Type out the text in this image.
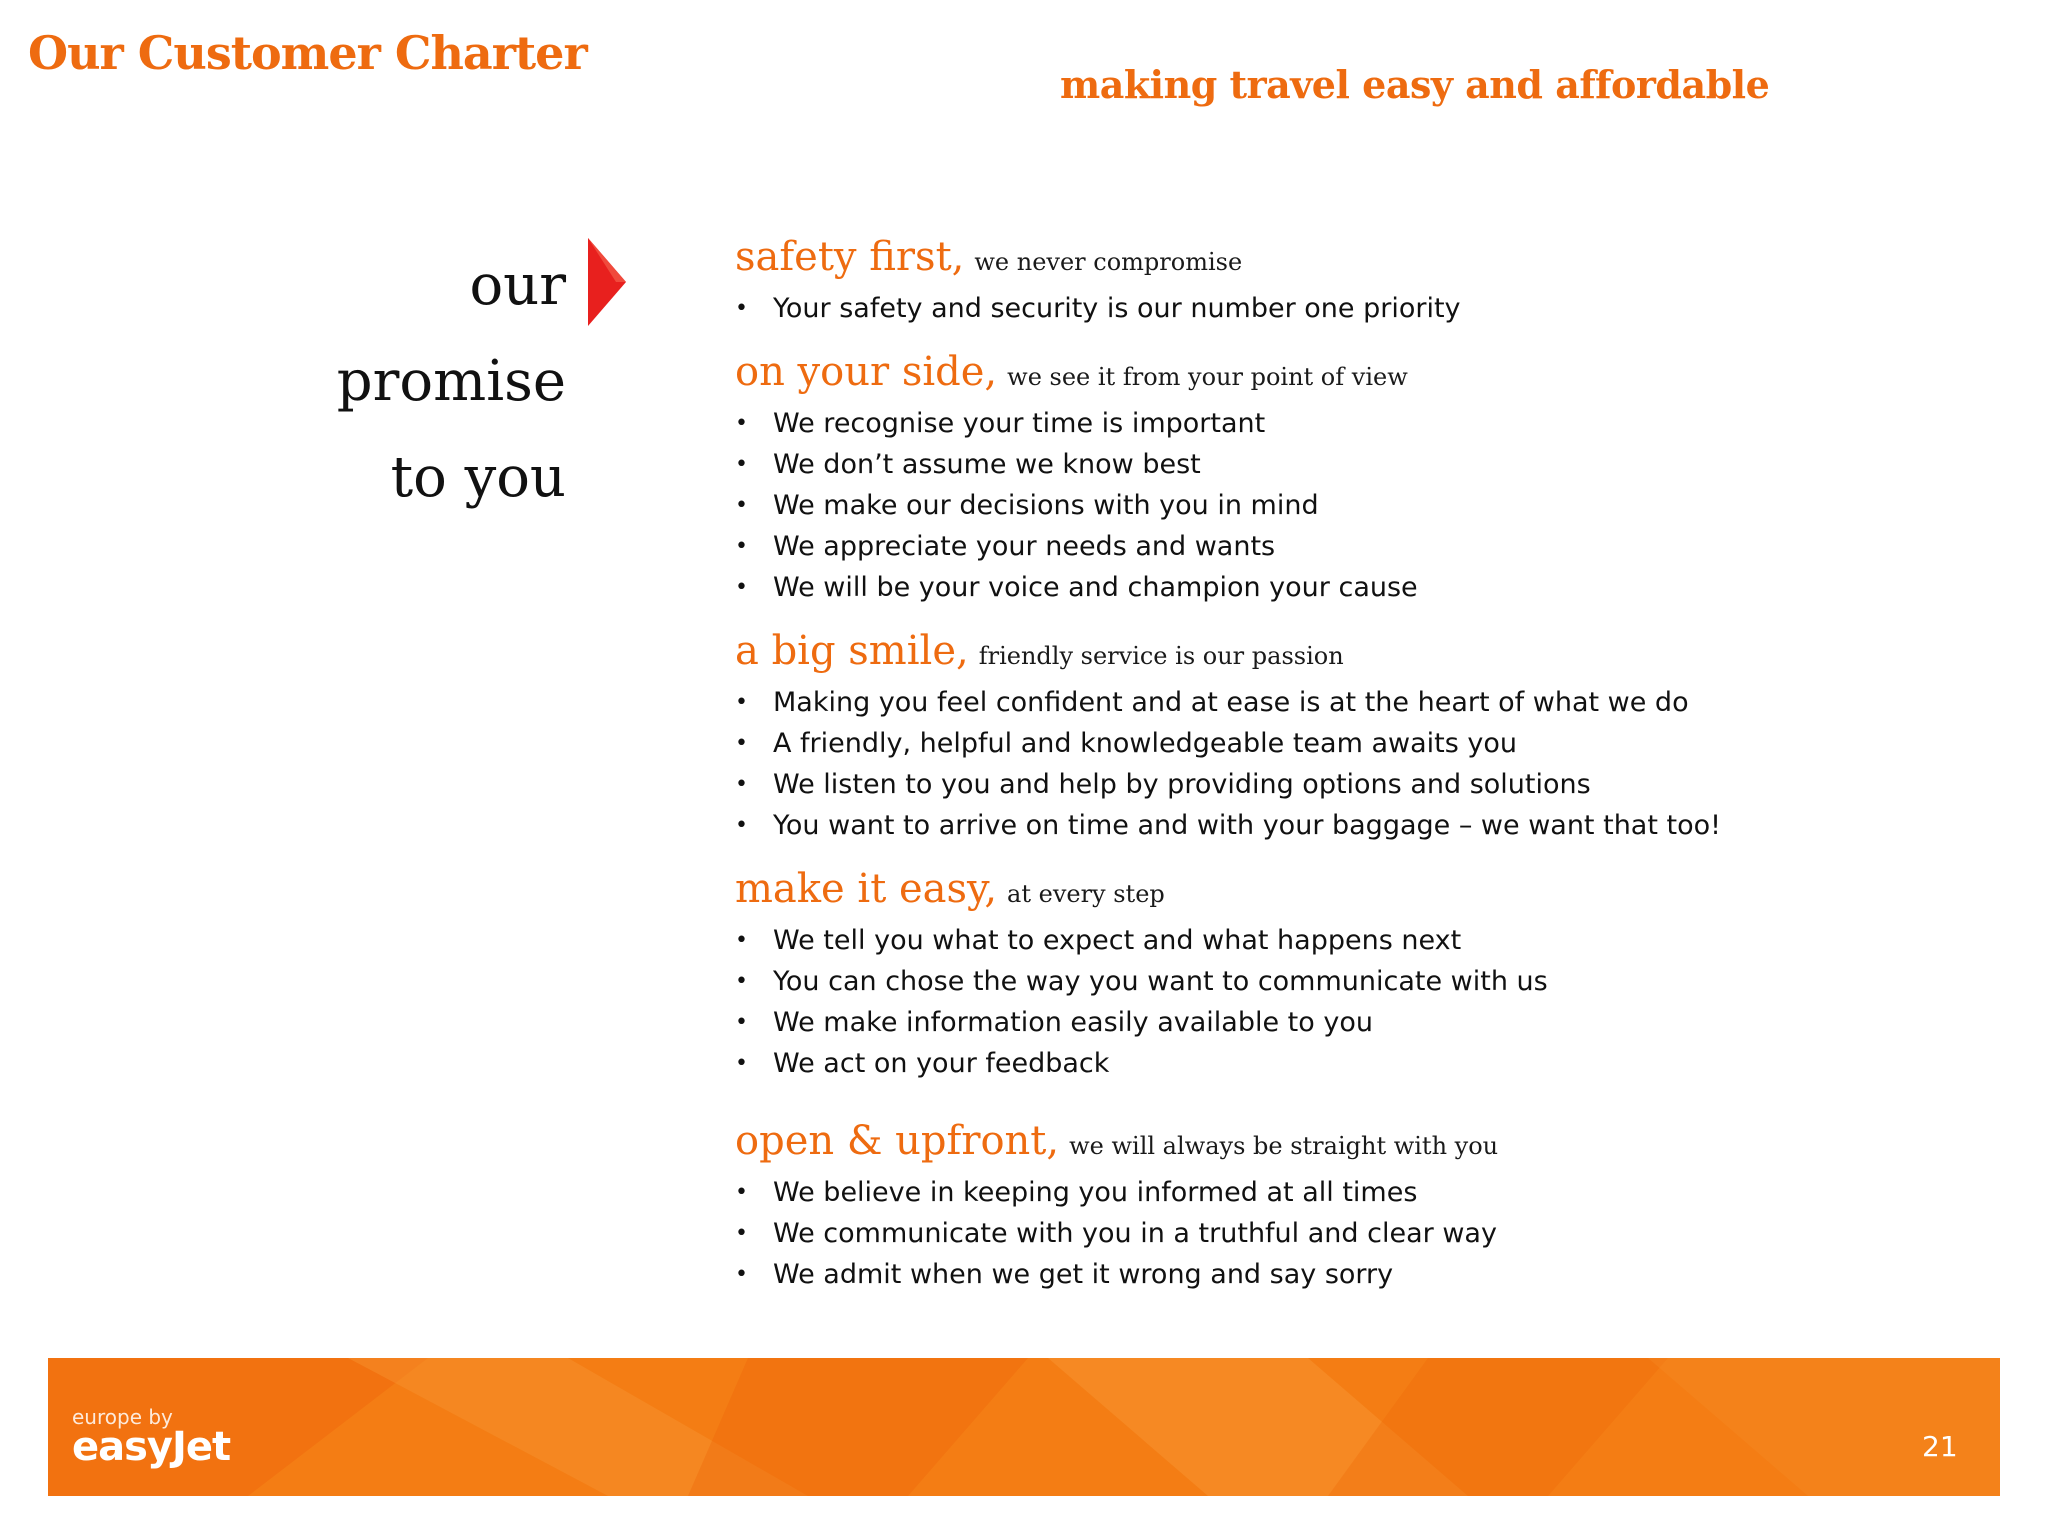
Our Customer Charter
making travel easy and affordable
our
promise
to you
safety first, we never compromise
• Your safety and security is our number one priority
on your side, we see it from your point of view
• We recognise your time is important
• We don’t assume we know best
• We make our decisions with you in mind
• We appreciate your needs and wants
• We will be your voice and champion your cause
a big smile, friendly service is our passion
• Making you feel confident and at ease is at the heart of what we do
• A friendly, helpful and knowledgeable team awaits you
• We listen to you and help by providing options and solutions
• You want to arrive on time and with your baggage – we want that too!
make it easy, at every step
• We tell you what to expect and what happens next
• You can chose the way you want to communicate with us
• We make information easily available to you
• We act on your feedback
open & upfront, we will always be straight with you
• We believe in keeping you informed at all times
• We communicate with you in a truthful and clear way
• We admit when we get it wrong and say sorry
europe by
easyJet	21
